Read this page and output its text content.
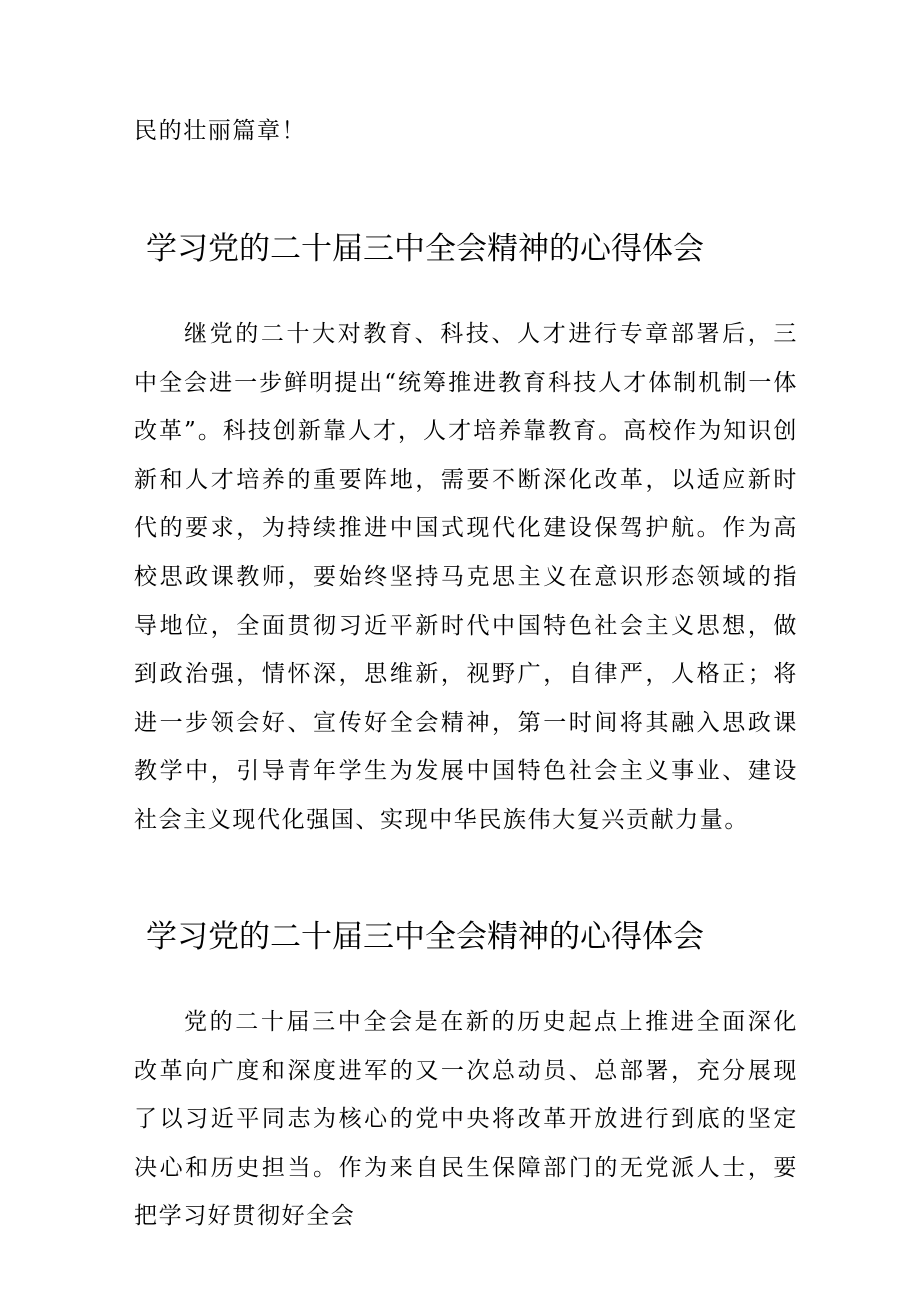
民的壮丽篇章！

学习党的二十届三中全会精神的心得体会

继党的二十大对教育、科技、人才进行专章部署后，三中全会进一步鲜明提出“统筹推进教育科技人才体制机制一体改革”。科技创新靠人才，人才培养靠教育。高校作为知识创新和人才培养的重要阵地，需要不断深化改革，以适应新时代的要求，为持续推进中国式现代化建设保驾护航。作为高校思政课教师，要始终坚持马克思主义在意识形态领域的指导地位，全面贯彻习近平新时代中国特色社会主义思想，做到政治强，情怀深，思维新，视野广，自律严，人格正；将进一步领会好、宣传好全会精神，第一时间将其融入思政课教学中，引导青年学生为发展中国特色社会主义事业、建设社会主义现代化强国、实现中华民族伟大复兴贡献力量。

学习党的二十届三中全会精神的心得体会

党的二十届三中全会是在新的历史起点上推进全面深化改革向广度和深度进军的又一次总动员、总部署，充分展现了以习近平同志为核心的党中央将改革开放进行到底的坚定决心和历史担当。作为来自民生保障部门的无党派人士，要把学习好贯彻好全会
